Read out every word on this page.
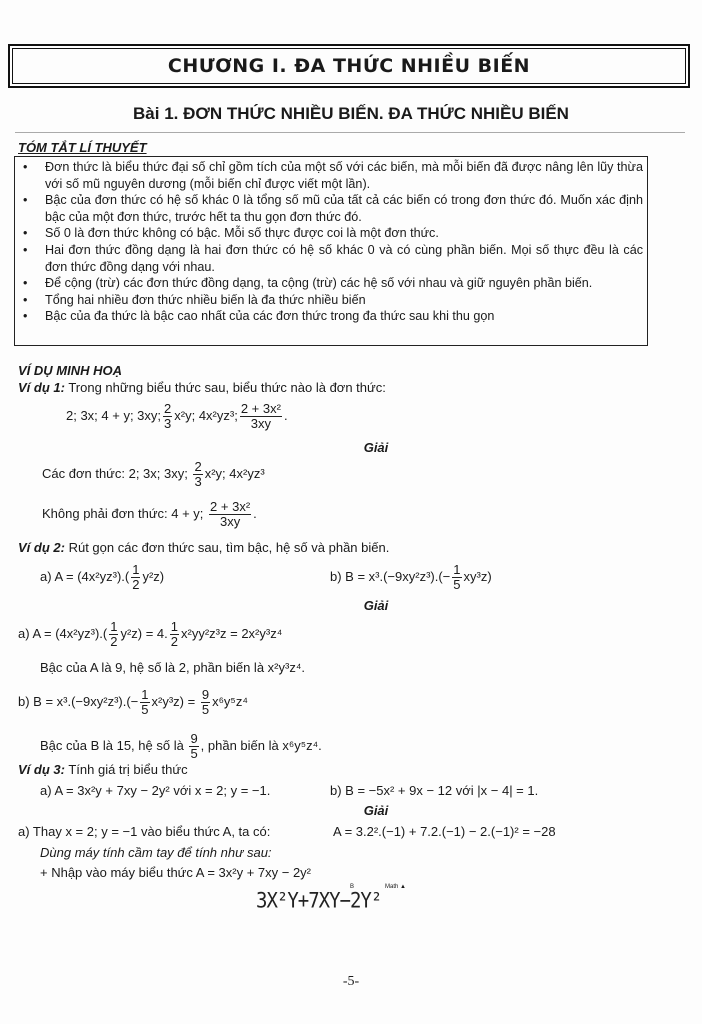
CHƯƠNG I. ĐA THỨC NHIỀU BIẾN
Bài 1. ĐƠN THỨC NHIỀU BIẾN. ĐA THỨC NHIỀU BIẾN
TÓM TẮT LÍ THUYẾT
• Đơn thức là biểu thức đại số chỉ gồm tích của một số với các biến, mà mỗi biến đã được nâng lên lũy thừa với số mũ nguyên dương (mỗi biến chỉ được viết một lần).
• Bậc của đơn thức có hệ số khác 0 là tổng số mũ của tất cả các biến có trong đơn thức đó. Muốn xác định bậc của một đơn thức, trước hết ta thu gọn đơn thức đó.
• Số 0 là đơn thức không có bậc. Mỗi số thực được coi là một đơn thức.
• Hai đơn thức đồng dạng là hai đơn thức có hệ số khác 0 và có cùng phần biến. Mọi số thực đều là các đơn thức đồng dạng với nhau.
• Để cộng (trừ) các đơn thức đồng dạng, ta cộng (trừ) các hệ số với nhau và giữ nguyên phần biến.
• Tổng hai nhiều đơn thức nhiều biến là đa thức nhiều biến
• Bậc của đa thức là bậc cao nhất của các đơn thức trong đa thức sau khi thu gọn
VÍ DỤ MINH HOẠ
Ví dụ 1: Trong những biểu thức sau, biểu thức nào là đơn thức:
2; 3x; 4 + y; 3xy; $\frac{2}{3} x^2y$; 4x²yz³; $\frac{\text{2 + 3x²}}{3xy}$ .
Giải
Các đơn thức: 2; 3x; 3xy; $\frac{2}{3} x^2y$; 4x²yz³
Không phải đơn thức: 4 + y; $\frac{\text{2 + 3x²}}{3xy}$ .
Ví dụ 2: Rút gọn các đơn thức sau, tìm bậc, hệ số và phần biến.
a) $A = (4x^2yz^3).( \frac{1}{2} y^2z)$	b) $B = x^3.(-9xy^2z^3).(- \frac{1}{5} xy^3z)$
Giải
a) $A = (4x^2yz^3).( \frac{1}{2} y^2z) = 4$. $\frac{1}{2} x^2yy^2z^3z = 2x^2y^3z^4$
Bậc của A là 9, hệ số là 2, phần biến là x²y³z⁴.
b) $B = x^3.(-9xy^2z^3).(- \frac{1}{5} x^2y^3z) = \frac{9}{5} x^6y^5z^4$
Bậc của B là 15, hệ số là $\frac{9}{5}$ , phần biến là x⁶y⁵z⁴.
Ví dụ 3: Tính giá trị biểu thức
a) A = 3x²y + 7xy − 2y² với x = 2; y = −1.	b) B = −5x² + 9x − 12 với |x − 4| = 1.
Giải
a) Thay x = 2; y = −1 vào biểu thức A, ta có:	A = 3.2².(−1) + 7.2.(−1) − 2.(−1)² = −28
Dùng máy tính cầm tay để tính như sau:
+ Nhập vào máy biểu thức A = 3x²y + 7xy − 2y²
B	Math ▲
3X²Y+7XY−2Y²
-5-
